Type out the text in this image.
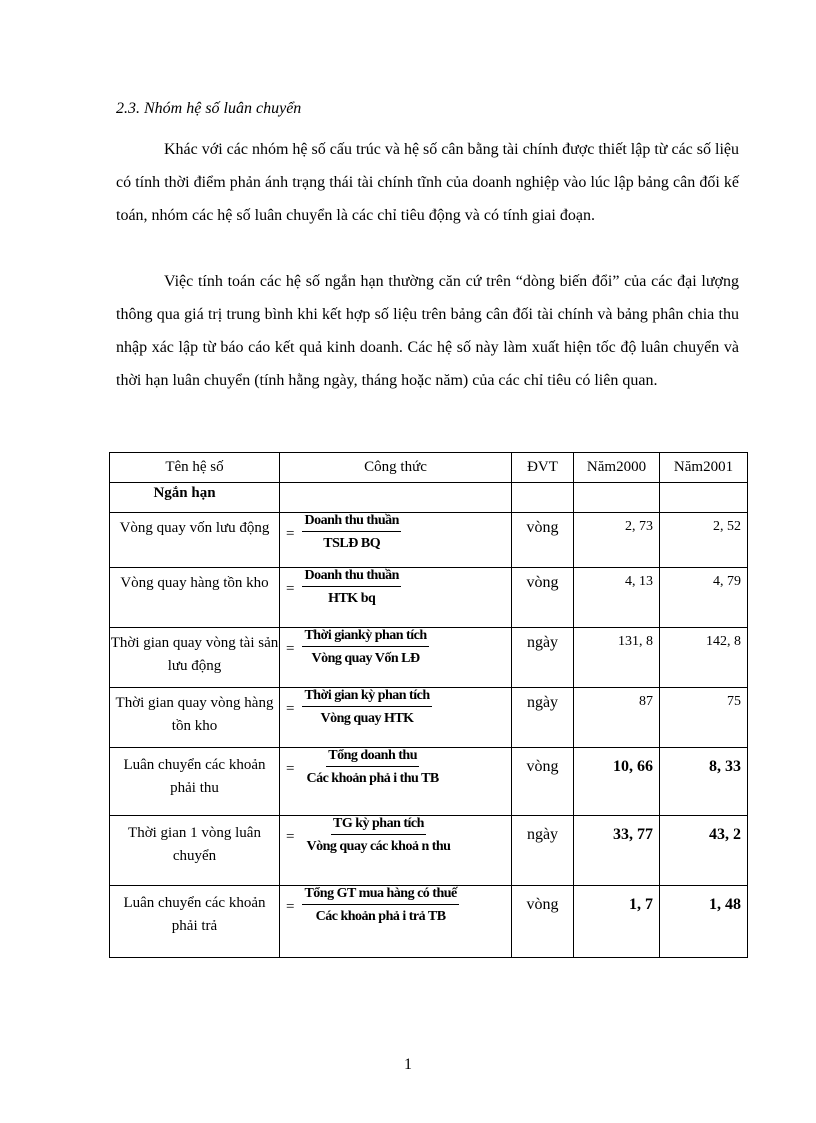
2.3. Nhóm hệ số luân chuyển

Khác với các nhóm hệ số cấu trúc và hệ số cân bằng tài chính được thiết lập từ các số liệu có tính thời điểm phản ánh trạng thái tài chính tĩnh của doanh nghiệp vào lúc lập bảng cân đối kế toán, nhóm các hệ số luân chuyển là các chỉ tiêu động và có tính giai đoạn.

Việc tính toán các hệ số ngắn hạn thường căn cứ trên “dòng biến đổi” của các đại lượng thông qua giá trị trung bình khi kết hợp số liệu trên bảng cân đối tài chính và bảng phân chia thu nhập xác lập từ báo cáo kết quả kinh doanh. Các hệ số này làm xuất hiện tốc độ luân chuyển và thời hạn luân chuyển (tính hằng ngày, tháng hoặc năm) của các chỉ tiêu có liên quan.

Tên hệ số	Công thức	ĐVT	Năm2000	Năm2001
Ngắn hạn				
Vòng quay vốn lưu động	= $\frac{\text{Doanh thu thuần}}{\text{TSLĐ BQ}}$	vòng	2, 73	2, 52
Vòng quay hàng tồn kho	= $\frac{\text{Doanh thu thuần}}{\text{HTK bq}}$	vòng	4, 13	4, 79
Thời gian quay vòng tài sản lưu động	= $\frac{\text{Thời giankỳ phan tích}}{\text{Vòng quay Vốn LĐ}}$	ngày	131, 8	142, 8
Thời gian quay vòng hàng tồn kho	= $\frac{\text{Thời gian kỳ phan tích}}{\text{Vòng quay HTK}}$	ngày	87	75
Luân chuyển các khoản phải thu	= $\frac{\text{Tổng doanh thu}}{\text{Các khoản phả i thu TB}}$	vòng	10, 66	8, 33
Thời gian 1 vòng luân chuyển	= $\frac{\text{TG kỳ phan tích}}{\text{Vòng quay các khoả n thu}}$	ngày	33, 77	43, 2
Luân chuyển các khoản phải trả	= $\frac{\text{Tổng GT mua hàng có thuế}}{\text{Các khoản phả i trả TB}}$	vòng	1, 7	1, 48
1
